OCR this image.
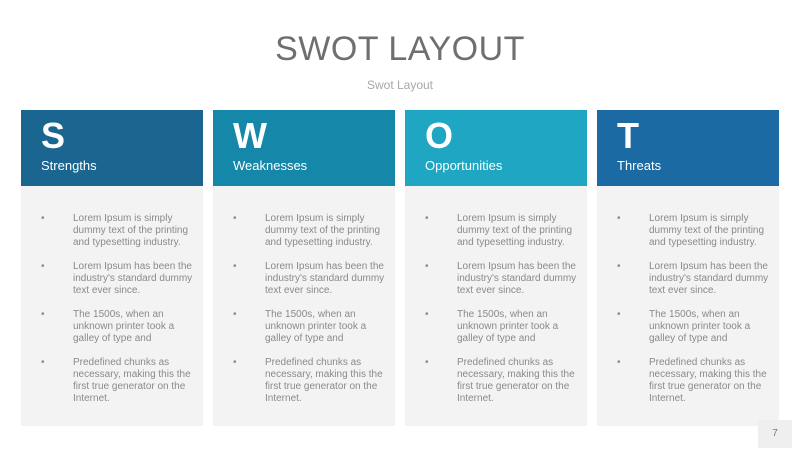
SWOT LAYOUT
Swot Layout
S
Strengths
•	Lorem Ipsum is simply dummy text of the printing and typesetting industry.
•	Lorem Ipsum has been the industry's standard dummy text ever since.
•	The 1500s, when an unknown printer took a galley of type and
•	Predefined chunks as necessary, making this the first true generator on the Internet.
W
Weaknesses
•	Lorem Ipsum is simply dummy text of the printing and typesetting industry.
•	Lorem Ipsum has been the industry's standard dummy text ever since.
•	The 1500s, when an unknown printer took a galley of type and
•	Predefined chunks as necessary, making this the first true generator on the Internet.
O
Opportunities
•	Lorem Ipsum is simply dummy text of the printing and typesetting industry.
•	Lorem Ipsum has been the industry's standard dummy text ever since.
•	The 1500s, when an unknown printer took a galley of type and
•	Predefined chunks as necessary, making this the first true generator on the Internet.
T
Threats
•	Lorem Ipsum is simply dummy text of the printing and typesetting industry.
•	Lorem Ipsum has been the industry's standard dummy text ever since.
•	The 1500s, when an unknown printer took a galley of type and
•	Predefined chunks as necessary, making this the first true generator on the Internet.
7
